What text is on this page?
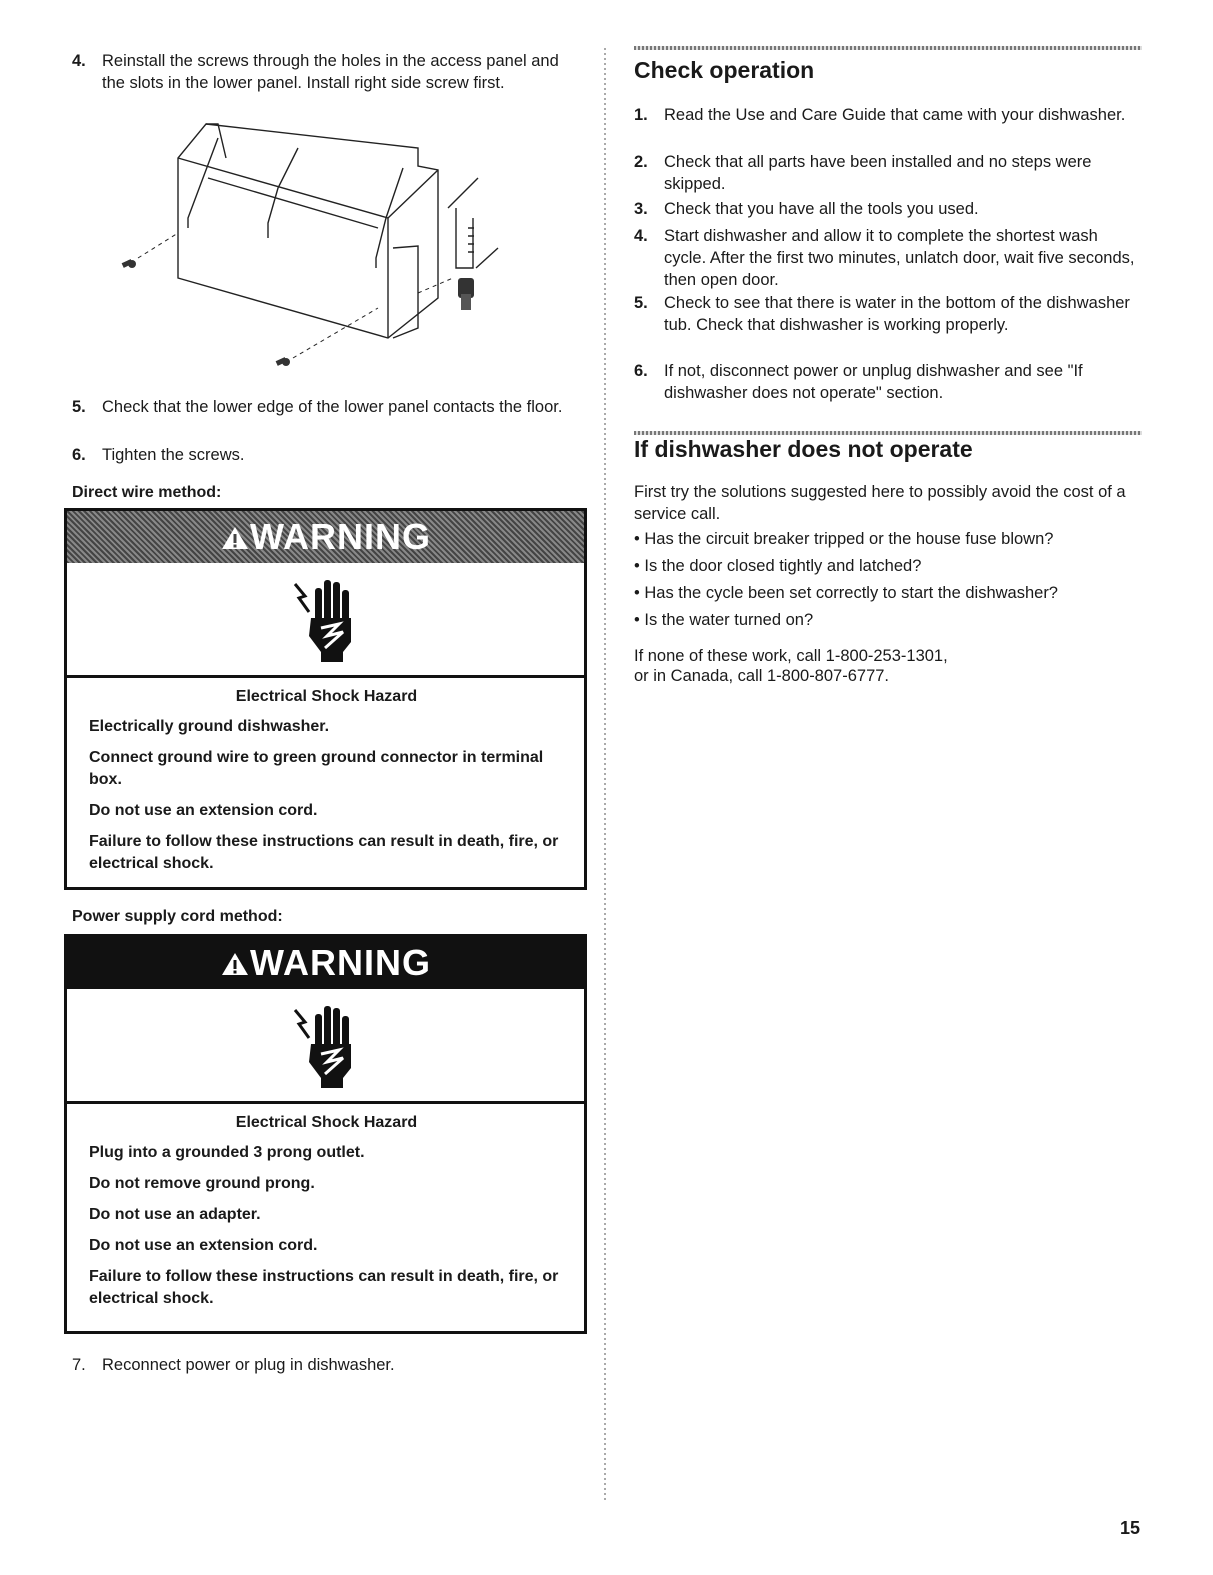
4. Reinstall the screws through the holes in the access panel and the slots in the lower panel. Install right side screw first.
5. Check that the lower edge of the lower panel contacts the floor.
6. Tighten the screws.
Direct wire method:
WARNING

Electrical Shock Hazard

Electrically ground dishwasher.

Connect ground wire to green ground connector in terminal box.

Do not use an extension cord.

Failure to follow these instructions can result in death, fire, or electrical shock.

Power supply cord method:
WARNING

Electrical Shock Hazard

Plug into a grounded 3 prong outlet.

Do not remove ground prong.

Do not use an adapter.

Do not use an extension cord.

Failure to follow these instructions can result in death, fire, or electrical shock.

7. Reconnect power or plug in dishwasher.
Check operation
1. Read the Use and Care Guide that came with your dishwasher.
2. Check that all parts have been installed and no steps were skipped.
3. Check that you have all the tools you used.
4. Start dishwasher and allow it to complete the shortest wash cycle. After the first two minutes, unlatch door, wait five seconds, then open door.
5. Check to see that there is water in the bottom of the dishwasher tub. Check that dishwasher is working properly.
6. If not, disconnect power or unplug dishwasher and see "If dishwasher does not operate" section.
If dishwasher does not operate

First try the solutions suggested here to possibly avoid the cost of a service call.

• Has the circuit breaker tripped or the house fuse blown?
• Is the door closed tightly and latched?
• Has the cycle been set correctly to start the dishwasher?
• Is the water turned on?

If none of these work, call 1-800-253-1301,

or in Canada, call 1-800-807-6777.

15
